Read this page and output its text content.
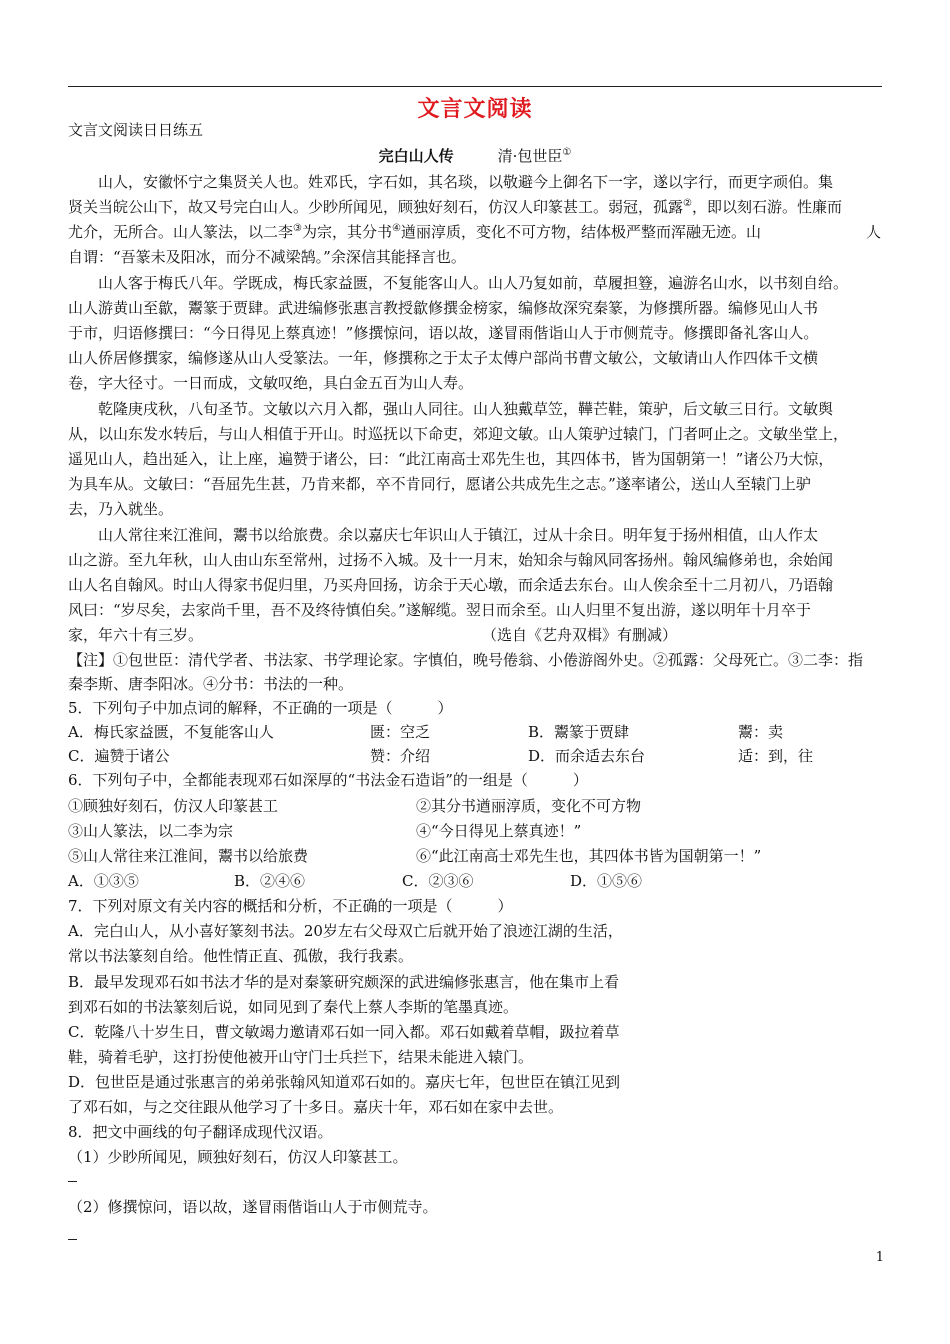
文言文阅读
文言文阅读日日练五
完白山人传	清·包世臣①
山人，安徽怀宁之集贤关人也。姓邓氏，字石如，其名琰，以敬避今上御名下一字，遂以字行，而更字顽伯。集
贤关当皖公山下，故又号完白山人。少眇所闻见，顾独好刻石，仿汉人印篆甚工。弱冠，孤露②，即以刻石游。性廉而
尤介，无所合。山人篆法，以二李③为宗，其分书④遒丽淳质，变化不可方物，结体极严整而浑融无迹。山	人
自谓：“吾篆未及阳冰，而分不减梁鹄。”余深信其能择言也。
山人客于梅氏八年。学既成，梅氏家益匮，不复能客山人。山人乃复如前，草履担簦，遍游名山水，以书刻自给。
山人游黄山至歙，鬻篆于贾肆。武进编修张惠言教授歙修撰金榜家，编修故深究秦篆，为修撰所器。编修见山人书
于市，归语修撰曰：“今日得见上蔡真迹！”修撰惊问，语以故，遂冒雨偕诣山人于市侧荒寺。修撰即备礼客山人。
山人侨居修撰家，编修遂从山人受篆法。一年，修撰称之于太子太傅户部尚书曹文敏公，文敏请山人作四体千文横
卷，字大径寸。一日而成，文敏叹绝，具白金五百为山人寿。
乾隆庚戌秋，八旬圣节。文敏以六月入都，强山人同往。山人独戴草笠，鞾芒鞋，策驴，后文敏三日行。文敏舆
从，以山东发水转后，与山人相值于开山。时巡抚以下命吏，郊迎文敏。山人策驴过辕门，门者呵止之。文敏坐堂上，
遥见山人，趋出延入，让上座，遍赞于诸公，曰：“此江南高士邓先生也，其四体书，皆为国朝第一！”诸公乃大惊，
为具车从。文敏曰：“吾屈先生甚，乃肯来都，卒不肯同行，愿诸公共成先生之志。”遂率诸公，送山人至辕门上驴
去，乃入就坐。
山人常往来江淮间，鬻书以给旅费。余以嘉庆七年识山人于镇江，过从十余日。明年复于扬州相值，山人作太
山之游。至九年秋，山人由山东至常州，过扬不入城。及十一月末，始知余与翰风同客扬州。翰风编修弟也，余始闻
山人名自翰风。时山人得家书促归里，乃买舟回扬，访余于天心墩，而余适去东台。山人俟余至十二月初八，乃语翰
风曰：“岁尽矣，去家尚千里，吾不及终待慎伯矣。”遂解缆。翌日而余至。山人归里不复出游，遂以明年十月卒于
家，年六十有三岁。	（选自《艺舟双楫》有删减）
【注】①包世臣：清代学者、书法家、书学理论家。字慎伯，晚号倦翁、小倦游阁外史。②孤露：父母死亡。③二李：指
秦李斯、唐李阳冰。④分书：书法的一种。
5．下列句子中加点词的解释，不正确的一项是（　　　）
A．梅氏家益匮，不复能客山人	匮：空乏	B．鬻篆于贾肆	鬻：卖
C．遍赞于诸公	赞：介绍	D．而余适去东台	适：到，往
6．下列句子中，全都能表现邓石如深厚的“书法金石造诣”的一组是（　　　）
①顾独好刻石，仿汉人印篆甚工	②其分书遒丽淳质，变化不可方物
③山人篆法，以二李为宗	④“今日得见上蔡真迹！”
⑤山人常往来江淮间，鬻书以给旅费	⑥“此江南高士邓先生也，其四体书皆为国朝第一！”
A．①③⑤	B．②④⑥	C．②③⑥	D．①⑤⑥
7．下列对原文有关内容的概括和分析，不正确的一项是（　　　）
A．完白山人，从小喜好篆刻书法。20岁左右父母双亡后就开始了浪迹江湖的生活，
常以书法篆刻自给。他性情正直、孤傲，我行我素。
B．最早发现邓石如书法才华的是对秦篆研究颇深的武进编修张惠言，他在集市上看
到邓石如的书法篆刻后说，如同见到了秦代上蔡人李斯的笔墨真迹。
C．乾隆八十岁生日，曹文敏竭力邀请邓石如一同入都。邓石如戴着草帽，趿拉着草
鞋，骑着毛驴，这打扮使他被开山守门士兵拦下，结果未能进入辕门。
D．包世臣是通过张惠言的弟弟张翰风知道邓石如的。嘉庆七年，包世臣在镇江见到
了邓石如，与之交往跟从他学习了十多日。嘉庆十年，邓石如在家中去世。
8．把文中画线的句子翻译成现代汉语。
（1）少眇所闻见，顾独好刻石，仿汉人印篆甚工。
（2）修撰惊问，语以故，遂冒雨偕诣山人于市侧荒寺。
1
